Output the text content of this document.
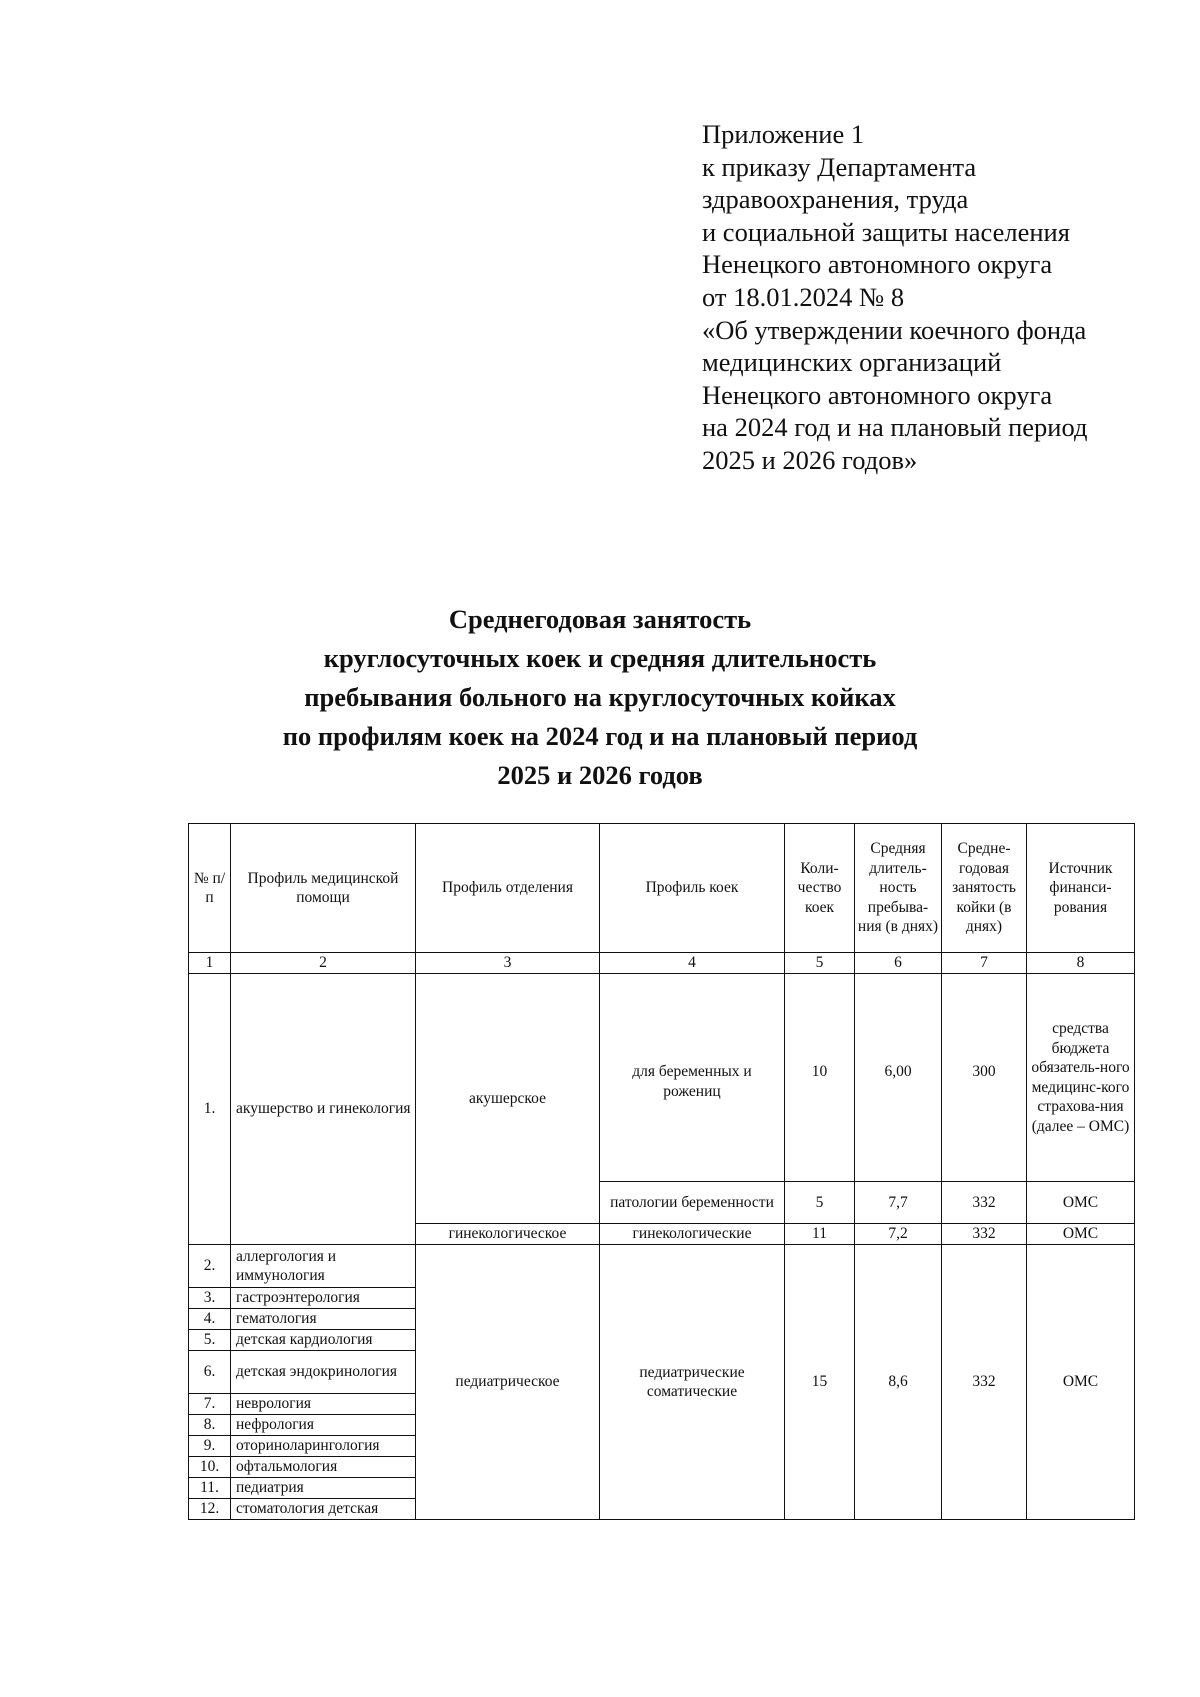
Приложение 1
к приказу Департамента
здравоохранения, труда
и социальной защиты населения
Ненецкого автономного округа
от 18.01.2024 № 8
«Об утверждении коечного фонда
медицинских организаций
Ненецкого автономного округа
на 2024 год и на плановый период
2025 и 2026 годов»
Среднегодовая занятость
круглосуточных коек и средняя длительность
пребывания больного на круглосуточных койках
по профилям коек на 2024 год и на плановый период
2025 и 2026 годов
№ п/п	Профиль медицинской помощи	Профиль отделения	Профиль коек	Коли-чество коек	Средняя длитель-ность пребыва-ния (в днях)	Средне-годовая занятость койки (в днях)	Источник финанси-рования
1	2	3	4	5	6	7	8
1.	акушерство и гинекология	акушерское	для беременных и рожениц	10	6,00	300	средства бюджета обязатель-ного медицинс-кого страхова-ния (далее – ОМС)
			патологии беременности	5	7,7	332	ОМС
		гинекологическое	гинекологические	11	7,2	332	ОМС
2.	аллергология и иммунология	педиатрическое	педиатрические соматические	15	8,6	332	ОМС
3.	гастроэнтерология						
4.	гематология						
5.	детская кардиология						
6.	детская эндокринология						
7.	неврология						
8.	нефрология						
9.	оториноларингология						
10.	офтальмология						
11.	педиатрия						
12.	стоматология детская						
